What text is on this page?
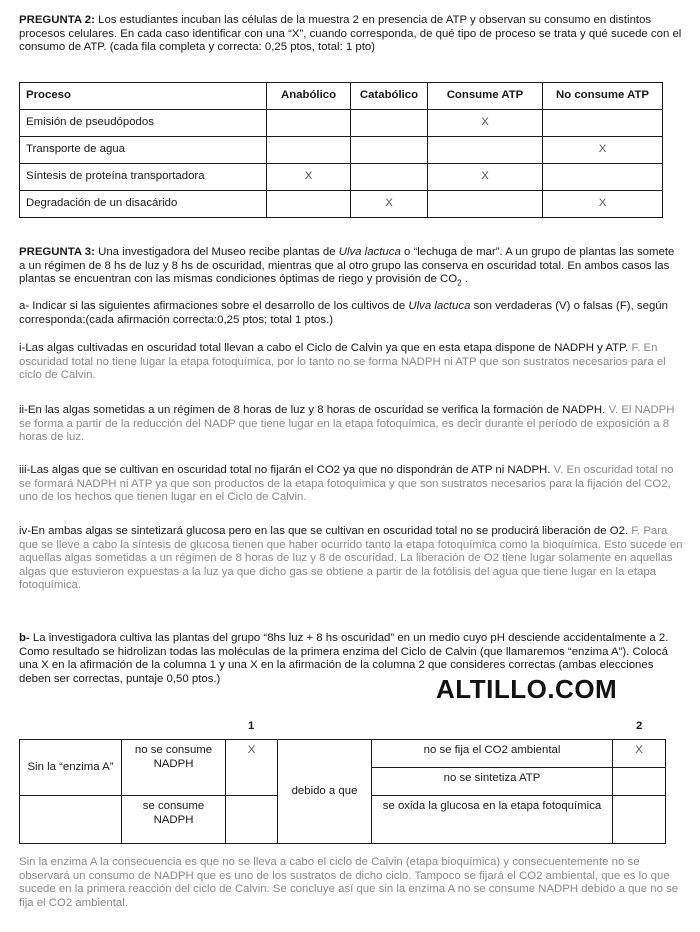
PREGUNTA 2: Los estudiantes incuban las células de la muestra 2 en presencia de ATP y observan su consumo en distintos procesos celulares. En cada caso identificar con una “X”, cuando corresponda, de qué tipo de proceso se trata y qué sucede con el consumo de ATP. (cada fila completa y correcta: 0,25 ptos, total: 1 pto)

Proceso	Anabólico	Catabólico	Consume ATP	No consume ATP
Emisión de pseudópodos			X	
Transporte de agua				X
Síntesis de proteína transportadora	X		X	
Degradación de un disacárido		X		X

PREGUNTA 3: Una investigadora del Museo recibe plantas de Ulva lactuca o “lechuga de mar”. A un grupo de plantas las somete a un régimen de 8 hs de luz y 8 hs de oscuridad, mientras que al otro grupo las conserva en oscuridad total. En ambos casos las plantas se encuentran con las mismas condiciones óptimas de riego y provisión de $CO_2$ .

a- Indicar si las siguientes afirmaciones sobre el desarrollo de los cultivos de Ulva lactuca son verdaderas (V) o falsas (F), según corresponda:(cada afirmación correcta:0,25 ptos; total 1 ptos.)

i-Las algas cultivadas en oscuridad total llevan a cabo el Ciclo de Calvin ya que en esta etapa dispone de NADPH y ATP. F. En oscuridad total no tiene lugar la etapa fotoquímica, por lo tanto no se forma NADPH ni ATP que son sustratos necesarios para el ciclo de Calvin.

ii-En las algas sometidas a un régimen de 8 horas de luz y 8 horas de oscuridad se verifica la formación de NADPH. V. El NADPH se forma a partir de la reducción del NADP que tiene lugar en la etapa fotoquímica, es decir durante el período de exposición a 8 horas de luz.

iii-Las algas que se cultivan en oscuridad total no fijarán el CO2 ya que no dispondrán de ATP ni NADPH. V. En oscuridad total no se formará NADPH ni ATP ya que son productos de la etapa fotoquímica y que son sustratos necesarios para la fijación del CO2, uno de los hechos que tienen lugar en el Ciclo de Calvin.

iv-En ambas algas se sintetizará glucosa pero en las que se cultivan en oscuridad total no se producirá liberación de O2. F. Para que se lleve a cabo la síntesis de glucosa tienen que haber ocurrido tanto la etapa fotoquímica como la bioquímica. Esto sucede en aquellas algas sometidas a un régimen de 8 horas de luz y 8 de oscuridad. La liberación de O2 tiene lugar solamente en aquellas algas que estuvieron expuestas a la luz ya que dicho gas se obtiene a partir de la fotólisis del agua que tiene lugar en la etapa fotoquímica.

b- La investigadora cultiva las plantas del grupo “8hs luz + 8 hs oscuridad” en un medio cuyo pH desciende accidentalmente a 2. Como resultado se hidrolizan todas las moléculas de la primera enzima del Ciclo de Calvin (que llamaremos “enzima A”). Colocá una X en la afirmación de la columna 1 y una X en la afirmación de la columna 2 que consideres correctas (ambas elecciones deben ser correctas, puntaje 0,50 ptos.)	ALTILLO.COM
1	2
Sin la “enzima A”	no se consume NADPH	X	debido a que	no se fija el CO2 ambiental	X
				no se sintetiza ATP	
	se consume NADPH			se oxida la glucosa en la etapa fotoquímica	

Sin la enzima A la consecuencia es que no se lleva a cabo el ciclo de Calvin (etapa bioquímica) y consecuentemente no se observará un consumo de NADPH que es uno de los sustratos de dicho ciclo. Tampoco se fijará el CO2 ambiental, que es lo que sucede en la primera reacción del ciclo de Calvin. Se concluye así que sin la enzima A no se consume NADPH debido a que no se fija el CO2 ambiental.
